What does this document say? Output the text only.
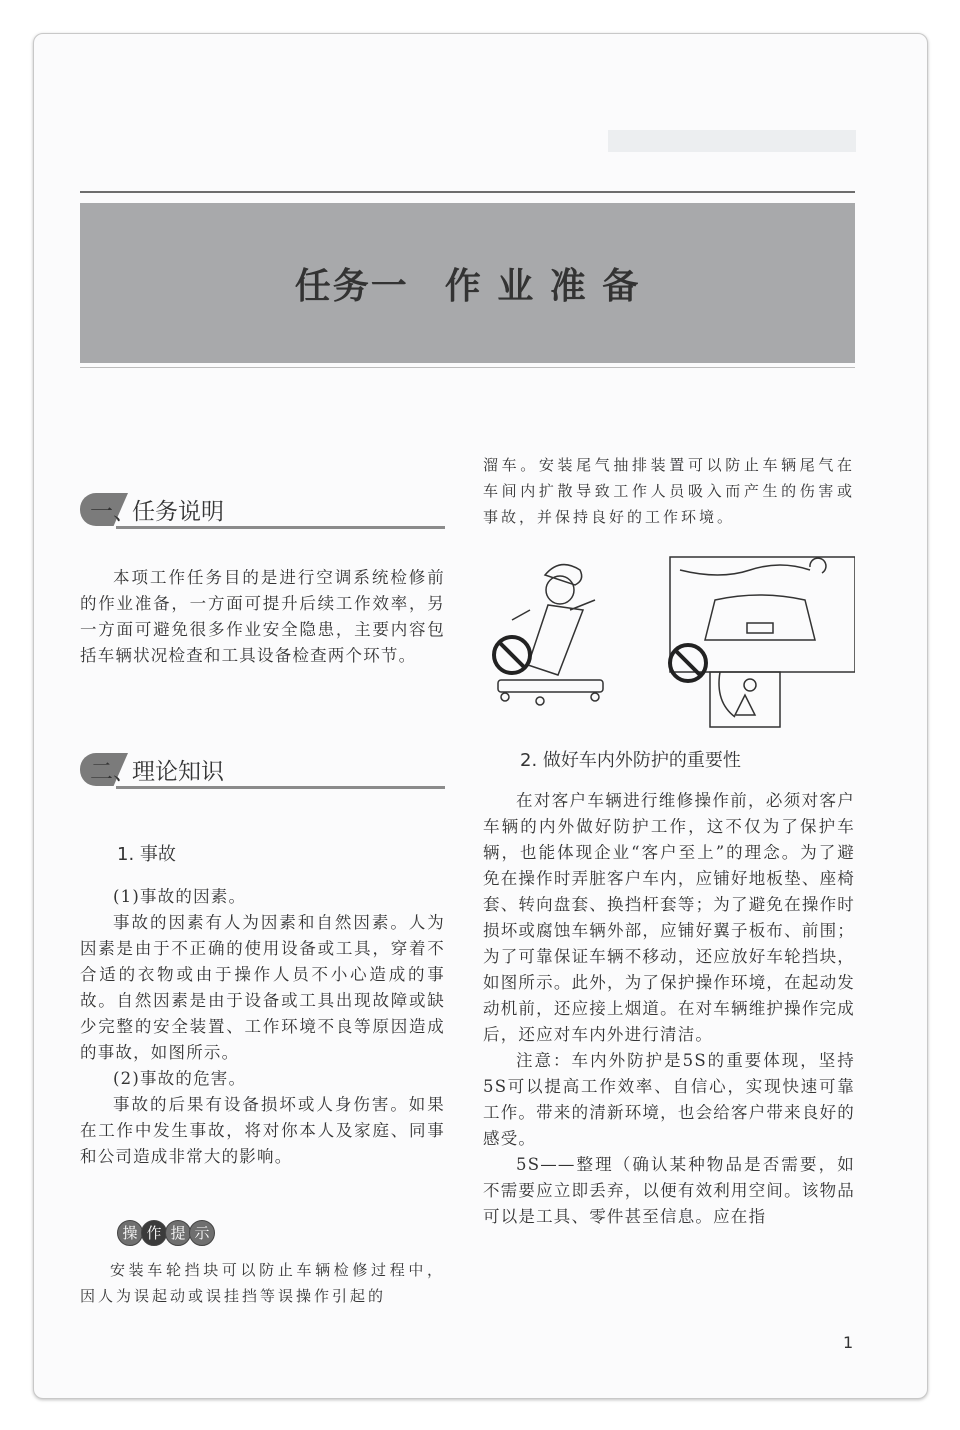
任务一 作 业 准 备
一、
任务说明

本项工作任务目的是进行空调系统检修前的作业准备，一方面可提升后续工作效率，另一方面可避免很多作业安全隐患，主要内容包括车辆状况检查和工具设备检查两个环节。

二、
理论知识
1. 事故

(1)事故的因素。

事故的因素有人为因素和自然因素。人为因素是由于不正确的使用设备或工具，穿着不合适的衣物或由于操作人员不小心造成的事故。自然因素是由于设备或工具出现故障或缺少完整的安全装置、工作环境不良等原因造成的事故，如图所示。

(2)事故的危害。

事故的后果有设备损坏或人身伤害。如果在工作中发生事故，将对你本人及家庭、同事和公司造成非常大的影响。

操 作 提 示

安装车轮挡块可以防止车辆检修过程中，因人为误起动或误挂挡等误操作引起的

溜车。安装尾气抽排装置可以防止车辆尾气在车间内扩散导致工作人员吸入而产生的伤害或事故，并保持良好的工作环境。

2. 做好车内外防护的重要性

在对客户车辆进行维修操作前，必须对客户车辆的内外做好防护工作，这不仅为了保护车辆，也能体现企业“客户至上”的理念。为了避免在操作时弄脏客户车内，应铺好地板垫、座椅套、转向盘套、换挡杆套等；为了避免在操作时损坏或腐蚀车辆外部，应铺好翼子板布、前围；为了可靠保证车辆不移动，还应放好车轮挡块，如图所示。此外，为了保护操作环境，在起动发动机前，还应接上烟道。在对车辆维护操作完成后，还应对车内外进行清洁。

注意：车内外防护是5S的重要体现，坚持5S可以提高工作效率、自信心，实现快速可靠工作。带来的清新环境，也会给客户带来良好的感受。

5S——整理（确认某种物品是否需要，如不需要应立即丢弃，以便有效利用空间。该物品可以是工具、零件甚至信息。应在指

1
